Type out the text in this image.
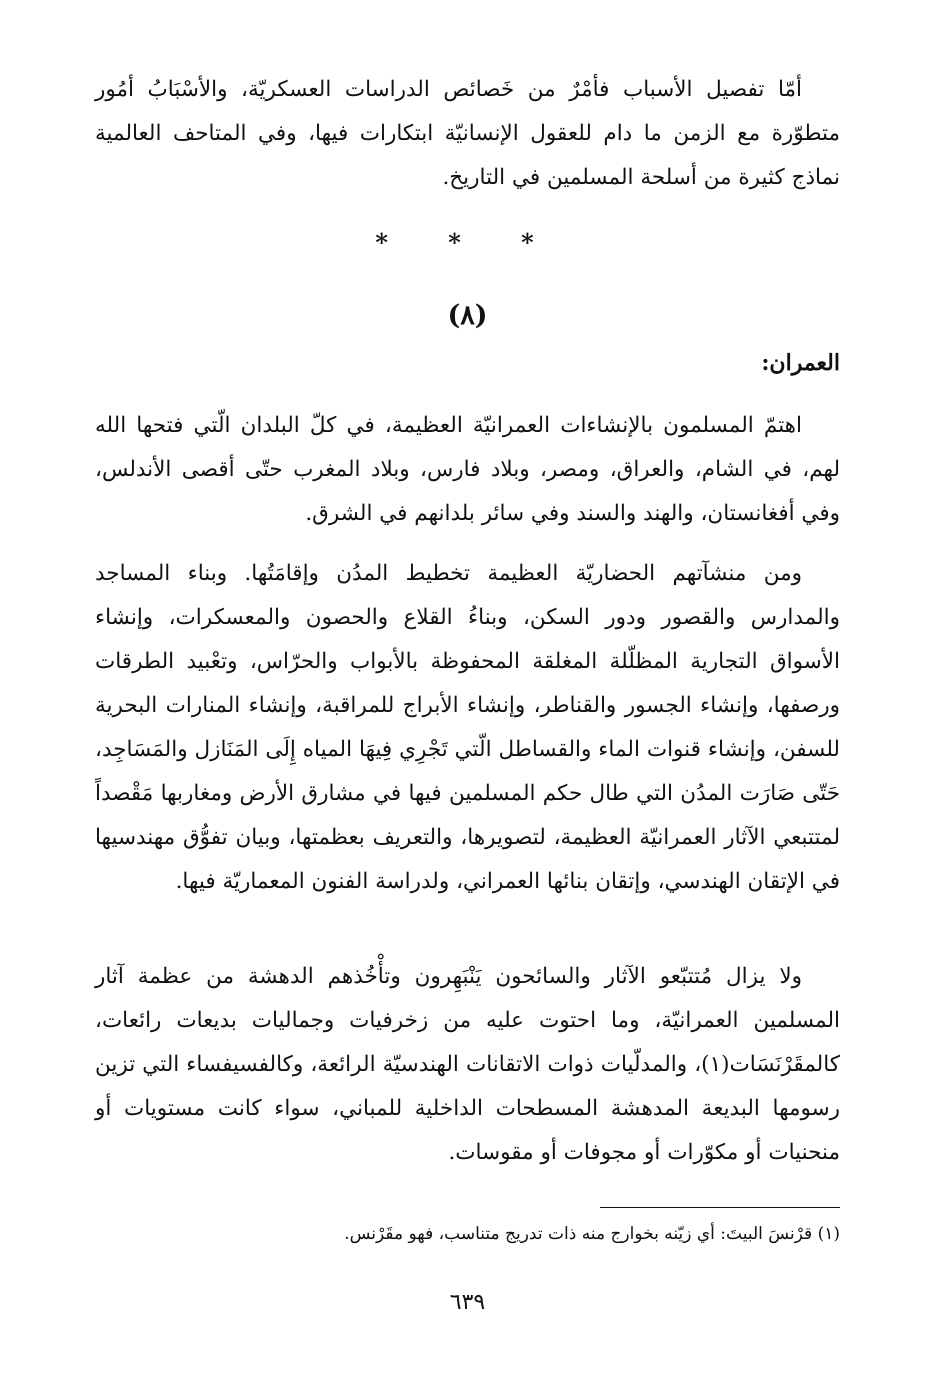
أمّا تفصيل الأسباب فأمْرٌ من خَصائص الدراسات العسكريّة، والأسْبَابُ أمُور متطوّرة مع الزمن ما دام للعقول الإنسانيّة ابتكارات فيها، وفي المتاحف العالمية نماذج كثيرة من أسلحة المسلمين في التاريخ.

* * *
(٨)
العمران:

اهتمّ المسلمون بالإنشاءات العمرانيّة العظيمة، في كلّ البلدان الّتي فتحها الله لهم، في الشام، والعراق، ومصر، وبلاد فارس، وبلاد المغرب حتّى أقصى الأندلس، وفي أفغانستان، والهند والسند وفي سائر بلدانهم في الشرق.

ومن منشآتهم الحضاريّة العظيمة تخطيط المدُن وإقامَتُها. وبناء المساجد والمدارس والقصور ودور السكن، وبناءُ القلاع والحصون والمعسكرات، وإنشاء الأسواق التجارية المظلّلة المغلقة المحفوظة بالأبواب والحرّاس، وتعْبيد الطرقات ورصفها، وإنشاء الجسور والقناطر، وإنشاء الأبراج للمراقبة، وإنشاء المنارات البحرية للسفن، وإنشاء قنوات الماء والقساطل الّتي تَجْرِي فِيهَا المياه إِلَى المَنَازل والمَسَاجِد، حَتّى صَارَت المدُن التي طال حكم المسلمين فيها في مشارق الأرض ومغاربها مَقْصداً لمتتبعي الآثار العمرانيّة العظيمة، لتصويرها، والتعريف بعظمتها، وبيان تفوُّق مهندسيها في الإتقان الهندسي، وإتقان بنائها العمراني، ولدراسة الفنون المعماريّة فيها.

ولا يزال مُتتبّعو الآثار والسائحون يَنْبَهِرون وتأْخُذهم الدهشة من عظمة آثار المسلمين العمرانيّة، وما احتوت عليه من زخرفيات وجماليات بديعات رائعات، كالمقَرْنَسَات(١)، والمدلّيات ذوات الاتقانات الهندسيّة الرائعة، وكالفسيفساء التي تزين رسومها البديعة المدهشة المسطحات الداخلية للمباني، سواء كانت مستويات أو منحنيات أو مكوّرات أو مجوفات أو مقوسات.

(١) قرْنسَ البيتَ: أي زيّنه بخوارج منه ذات تدريج متناسب، فهو مقَرْنس.

٦٣٩
